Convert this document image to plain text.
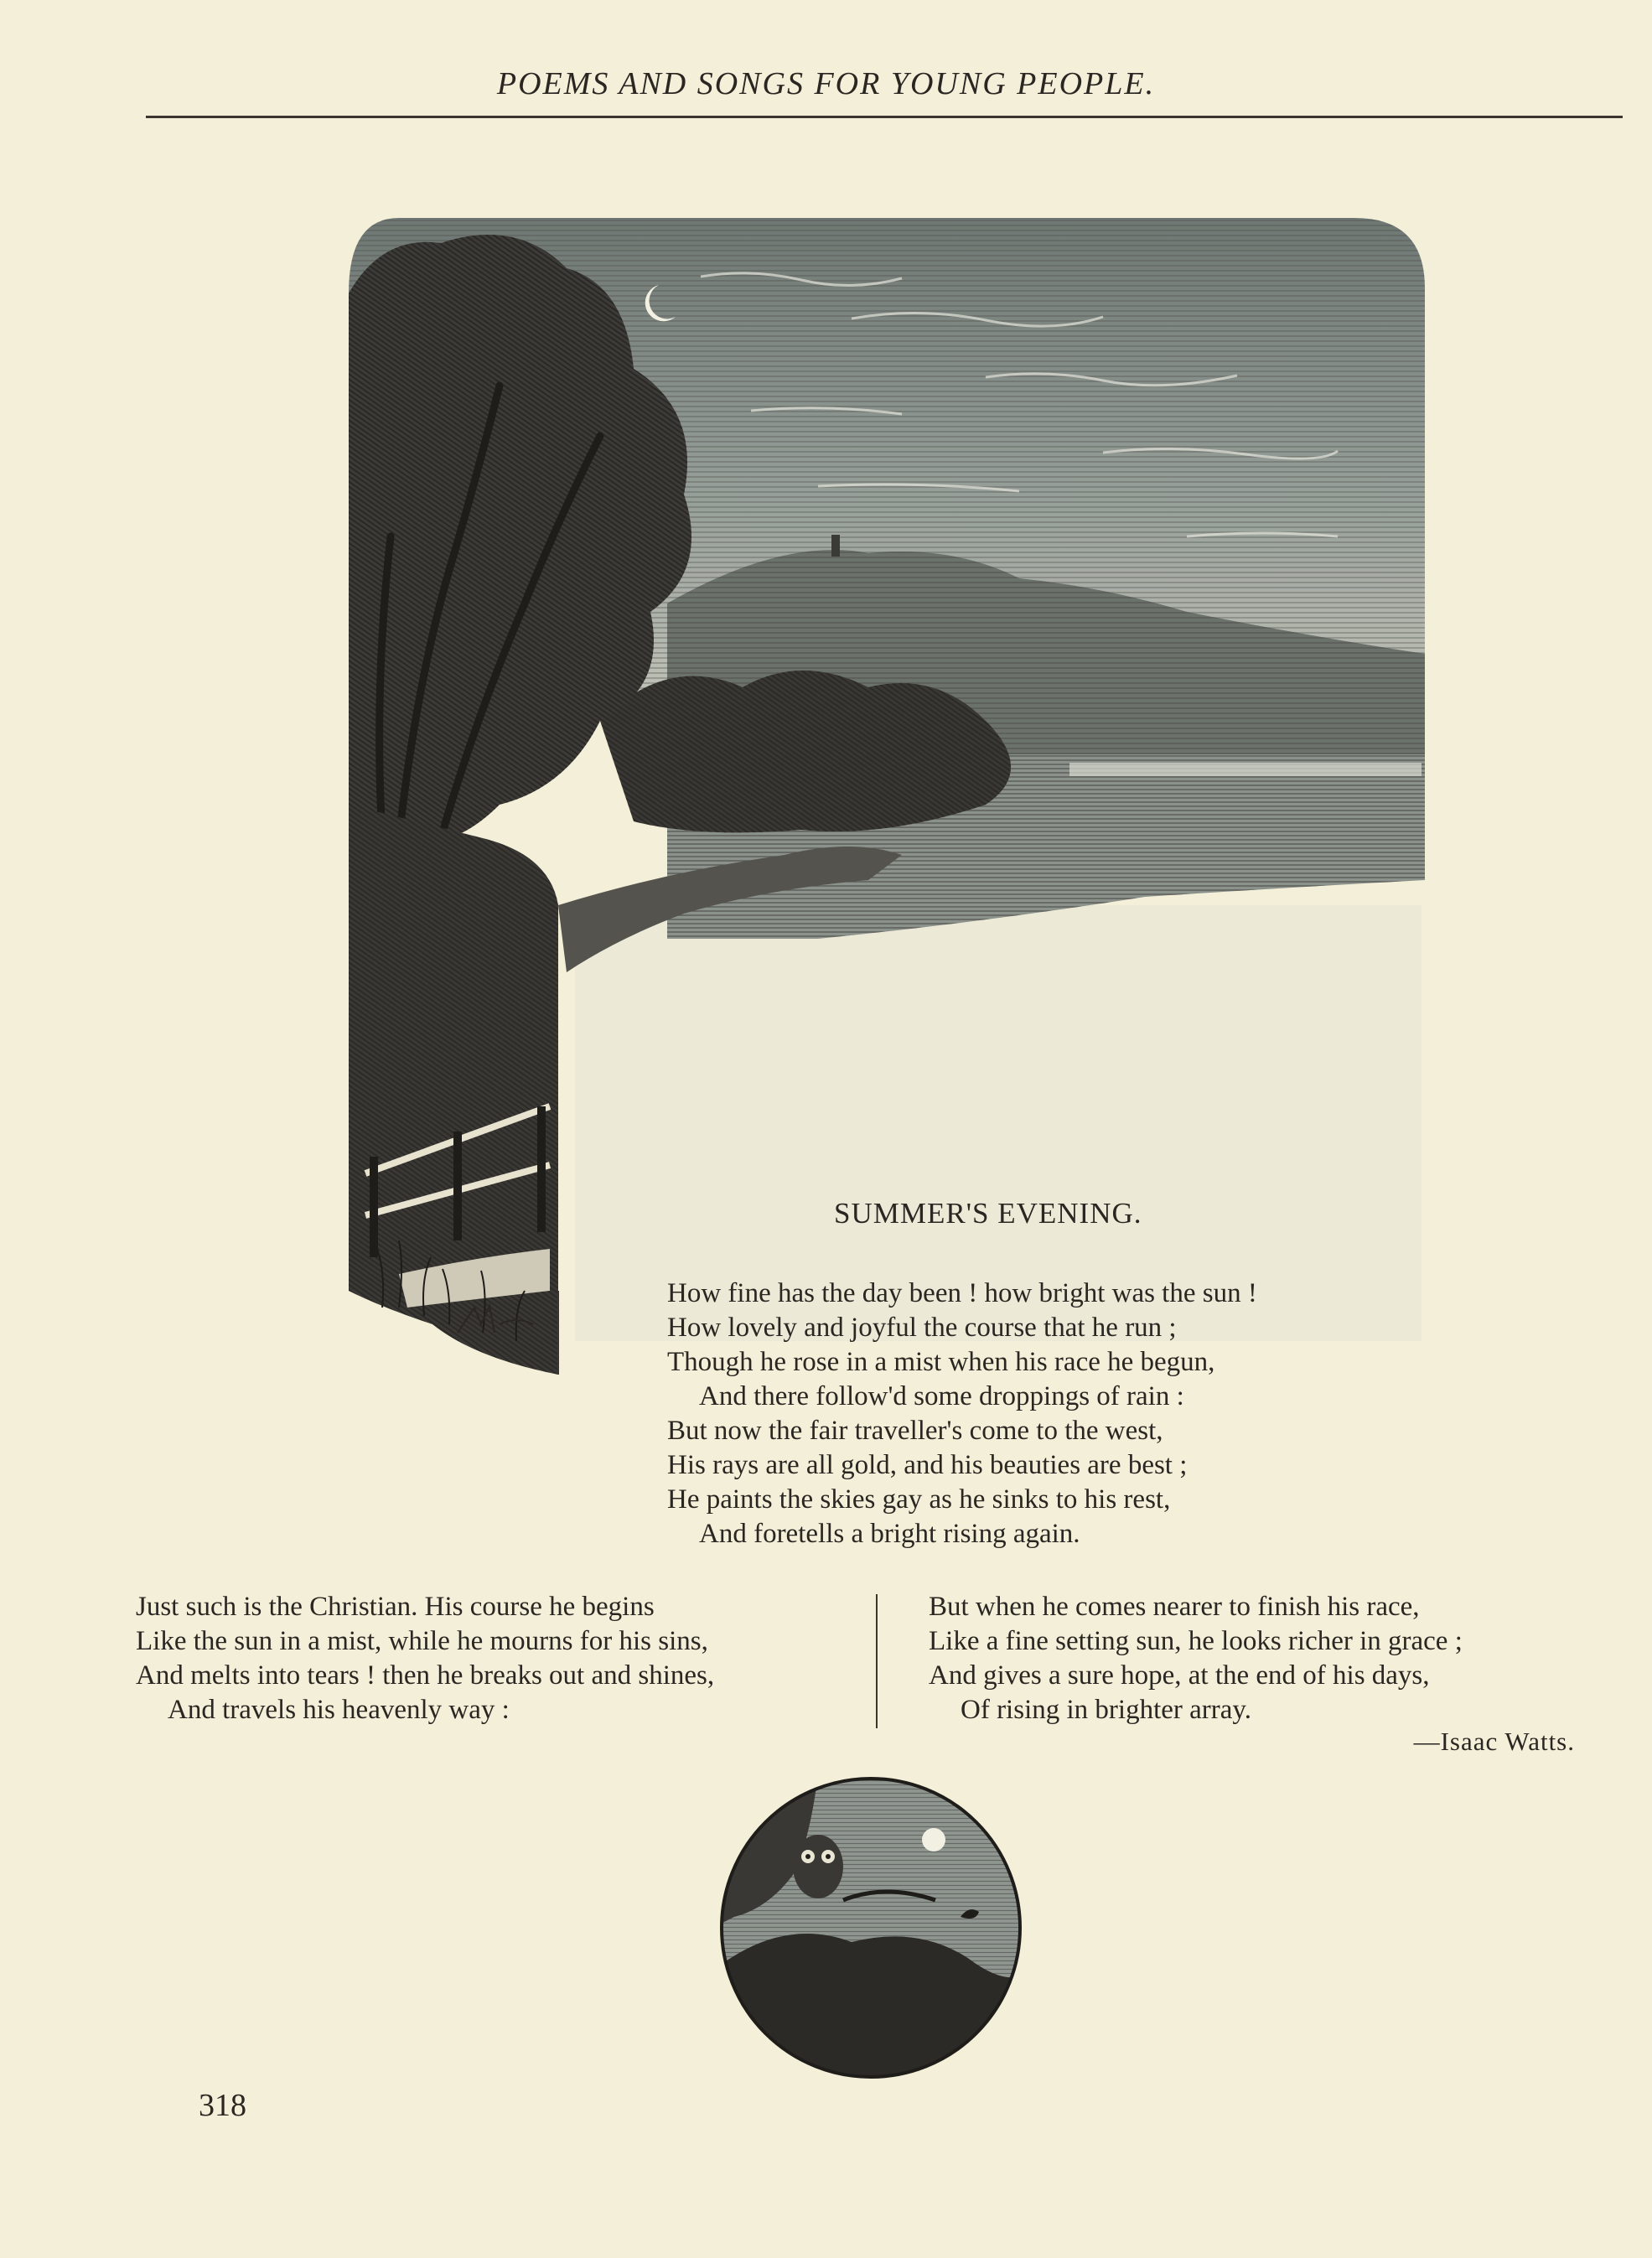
POEMS AND SONGS FOR YOUNG PEOPLE.
SUMMER'S EVENING.
How fine has the day been ! how bright was the sun !
How lovely and joyful the course that he run ;
Though he rose in a mist when his race he begun,
And there follow'd some droppings of rain :
But now the fair traveller's come to the west,
His rays are all gold, and his beauties are best ;
He paints the skies gay as he sinks to his rest,
And foretells a bright rising again.
Just such is the Christian. His course he begins
Like the sun in a mist, while he mourns for his sins,
And melts into tears ! then he breaks out and shines,
And travels his heavenly way :
But when he comes nearer to finish his race,
Like a fine setting sun, he looks richer in grace ;
And gives a sure hope, at the end of his days,
Of rising in brighter array.
—Isaac Watts.
318
